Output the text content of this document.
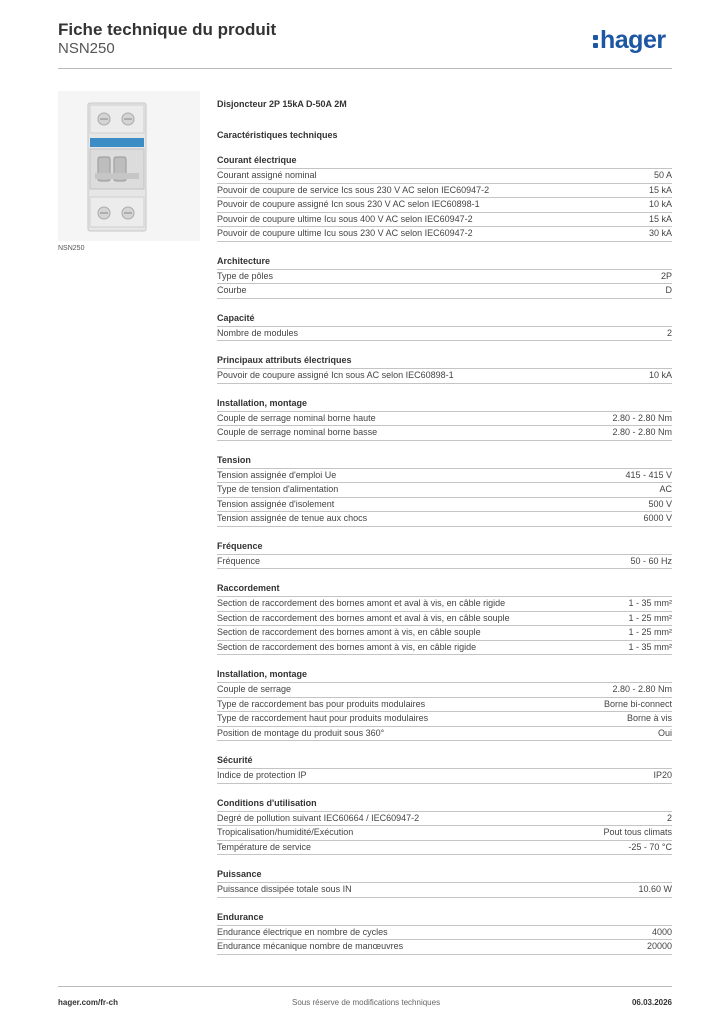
Fiche technique du produit
NSN250	hager
NSN250
Disjoncteur 2P 15kA D-50A 2M
Caractéristiques techniques
Courant électrique
Courant assigné nominal	50 A
Pouvoir de coupure de service Ics sous 230 V AC selon IEC60947-2	15 kA
Pouvoir de coupure assigné Icn sous 230 V AC selon IEC60898-1	10 kA
Pouvoir de coupure ultime Icu sous 400 V AC selon IEC60947-2	15 kA
Pouvoir de coupure ultime Icu sous 230 V AC selon IEC60947-2	30 kA
Architecture
Type de pôles	2P
Courbe	D
Capacité
Nombre de modules	2
Principaux attributs électriques
Pouvoir de coupure assigné Icn sous AC selon IEC60898-1	10 kA
Installation, montage
Couple de serrage nominal borne haute	2.80 - 2.80 Nm
Couple de serrage nominal borne basse	2.80 - 2.80 Nm
Tension
Tension assignée d'emploi Ue	415 - 415 V
Type de tension d'alimentation	AC
Tension assignée d'isolement	500 V
Tension assignée de tenue aux chocs	6000 V
Fréquence
Fréquence	50 - 60 Hz
Raccordement
Section de raccordement des bornes amont et aval à vis, en câble rigide	1 - 35 mm²
Section de raccordement des bornes amont et aval à vis, en câble souple	1 - 25 mm²
Section de raccordement des bornes amont à vis, en câble souple	1 - 25 mm²
Section de raccordement des bornes amont à vis, en câble rigide	1 - 35 mm²
Installation, montage
Couple de serrage	2.80 - 2.80 Nm
Type de raccordement bas pour produits modulaires	Borne bi-connect
Type de raccordement haut pour produits modulaires	Borne à vis
Position de montage du produit sous 360°	Oui
Sécurité
Indice de protection IP	IP20
Conditions d'utilisation
Degré de pollution suivant IEC60664 / IEC60947-2	2
Tropicalisation/humidité/Exécution	Pout tous climats
Température de service	-25 - 70 °C
Puissance
Puissance dissipée totale sous IN	10.60 W
Endurance
Endurance électrique en nombre de cycles	4000
Endurance mécanique nombre de manœuvres	20000
hager.com/fr-ch	Sous réserve de modifications techniques	06.03.2026
